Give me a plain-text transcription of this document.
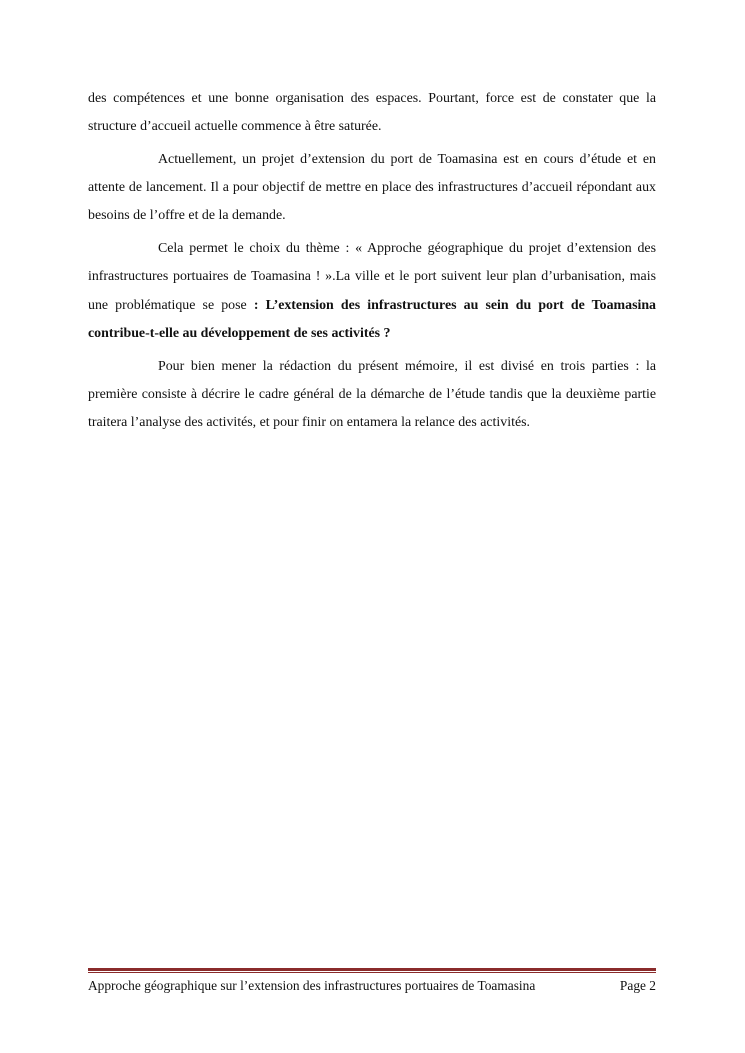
des compétences et une bonne organisation des espaces. Pourtant, force est de constater que la structure d’accueil actuelle commence à être saturée.

Actuellement, un projet d’extension du port de Toamasina est en cours d’étude et en attente de lancement. Il a pour objectif de mettre en place des infrastructures d’accueil répondant aux besoins de l’offre et de la demande.

Cela permet le choix du thème : « Approche géographique du projet d’extension des infrastructures portuaires de Toamasina ! ».La ville et le port suivent leur plan d’urbanisation, mais une problématique se pose : L’extension des infrastructures au sein du port de Toamasina contribue-t-elle au développement de ses activités ?

Pour bien mener la rédaction du présent mémoire, il est divisé en trois parties : la première consiste à décrire le cadre général de la démarche de l’étude tandis que la deuxième partie traitera l’analyse des activités, et pour finir on entamera la relance des activités.

Approche géographique sur l’extension des infrastructures portuaires de Toamasina	Page 2
